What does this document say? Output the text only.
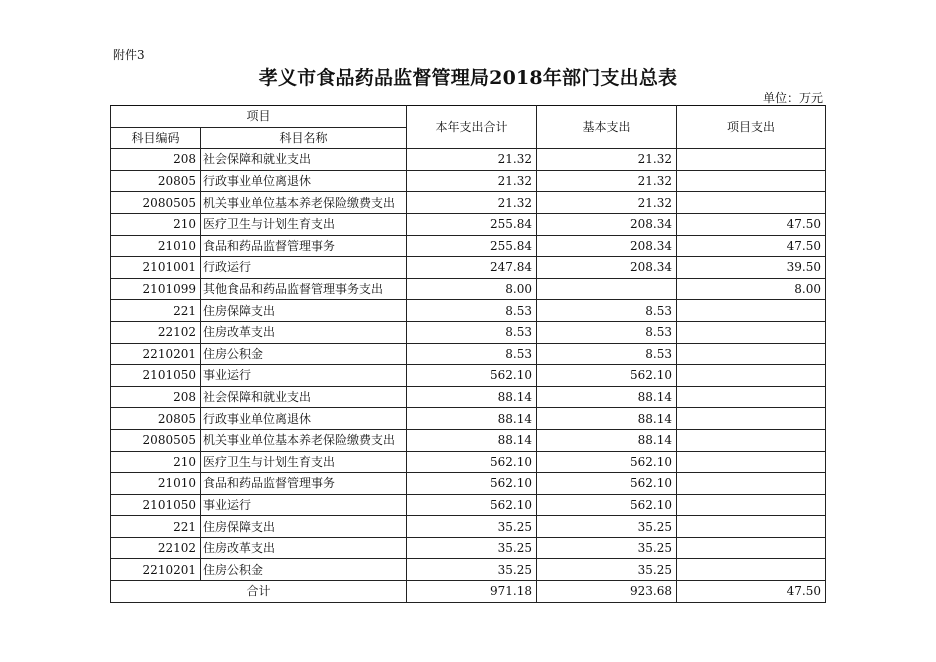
附件3
孝义市食品药品监督管理局2018年部门支出总表
单位：万元
项目		本年支出合计	基本支出	项目支出
科目编码	科目名称			
208	社会保障和就业支出	21.32	21.32	
20805	行政事业单位离退休	21.32	21.32	
2080505	机关事业单位基本养老保险缴费支出	21.32	21.32	
210	医疗卫生与计划生育支出	255.84	208.34	47.50
21010	食品和药品监督管理事务	255.84	208.34	47.50
2101001	行政运行	247.84	208.34	39.50
2101099	其他食品和药品监督管理事务支出	8.00		8.00
221	住房保障支出	8.53	8.53	
22102	住房改革支出	8.53	8.53	
2210201	住房公积金	8.53	8.53	
2101050	事业运行	562.10	562.10	
208	社会保障和就业支出	88.14	88.14	
20805	行政事业单位离退休	88.14	88.14	
2080505	机关事业单位基本养老保险缴费支出	88.14	88.14	
210	医疗卫生与计划生育支出	562.10	562.10	
21010	食品和药品监督管理事务	562.10	562.10	
2101050	事业运行	562.10	562.10	
221	住房保障支出	35.25	35.25	
22102	住房改革支出	35.25	35.25	
2210201	住房公积金	35.25	35.25	
合计		971.18	923.68	47.50
